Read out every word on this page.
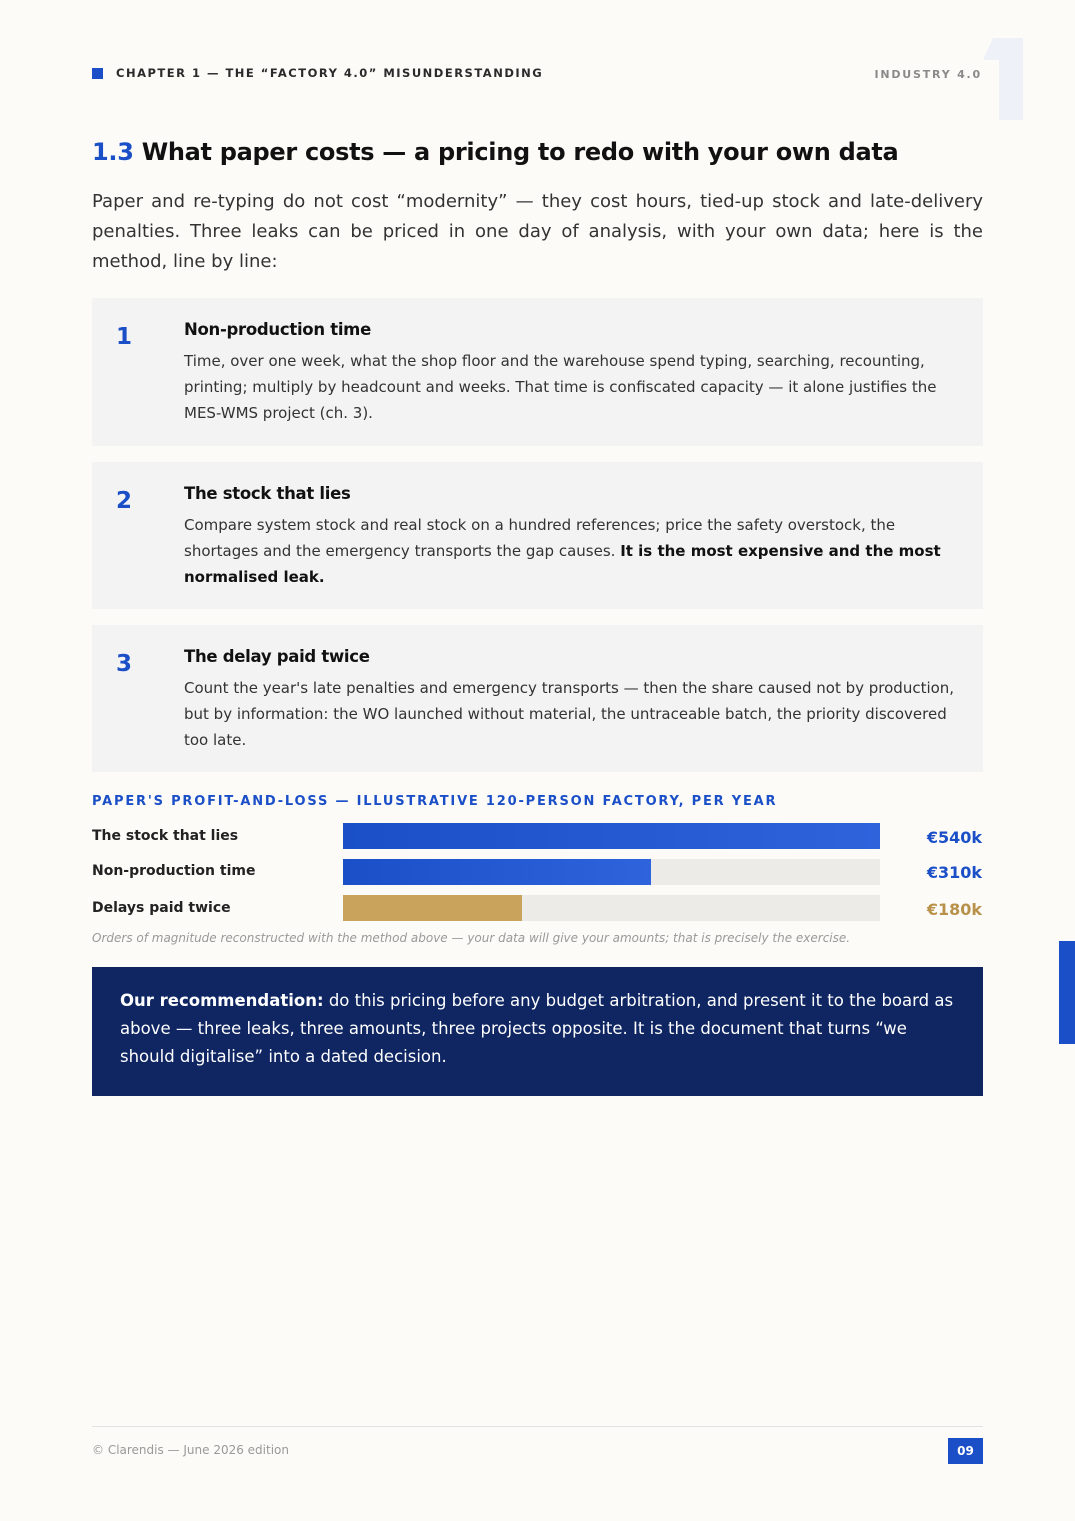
CHAPTER 1 — THE “FACTORY 4.0” MISUNDERSTANDING	INDUSTRY 4.0
1.3 What paper costs — a pricing to redo with your own data
Paper and re-typing do not cost “modernity” — they cost hours, tied-up stock and late-delivery penalties. Three leaks can be priced in one day of analysis, with your own data; here is the method, line by line:
1	Non-production time
Time, over one week, what the shop floor and the warehouse spend typing, searching, recounting, printing; multiply by headcount and weeks. That time is confiscated capacity — it alone justifies the MES-WMS project (ch. 3).
2	The stock that lies
Compare system stock and real stock on a hundred references; price the safety overstock, the shortages and the emergency transports the gap causes. It is the most expensive and the most normalised leak.
3	The delay paid twice
Count the year's late penalties and emergency transports — then the share caused not by production, but by information: the WO launched without material, the untraceable batch, the priority discovered too late.
PAPER'S PROFIT-AND-LOSS — ILLUSTRATIVE 120-PERSON FACTORY, PER YEAR
The stock that lies	€540k
Non-production time	€310k
Delays paid twice	€180k
Orders of magnitude reconstructed with the method above — your data will give your amounts; that is precisely the exercise.
Our recommendation: do this pricing before any budget arbitration, and present it to the board as above — three leaks, three amounts, three projects opposite. It is the document that turns “we should digitalise” into a dated decision.
© Clarendis — June 2026 edition	09
